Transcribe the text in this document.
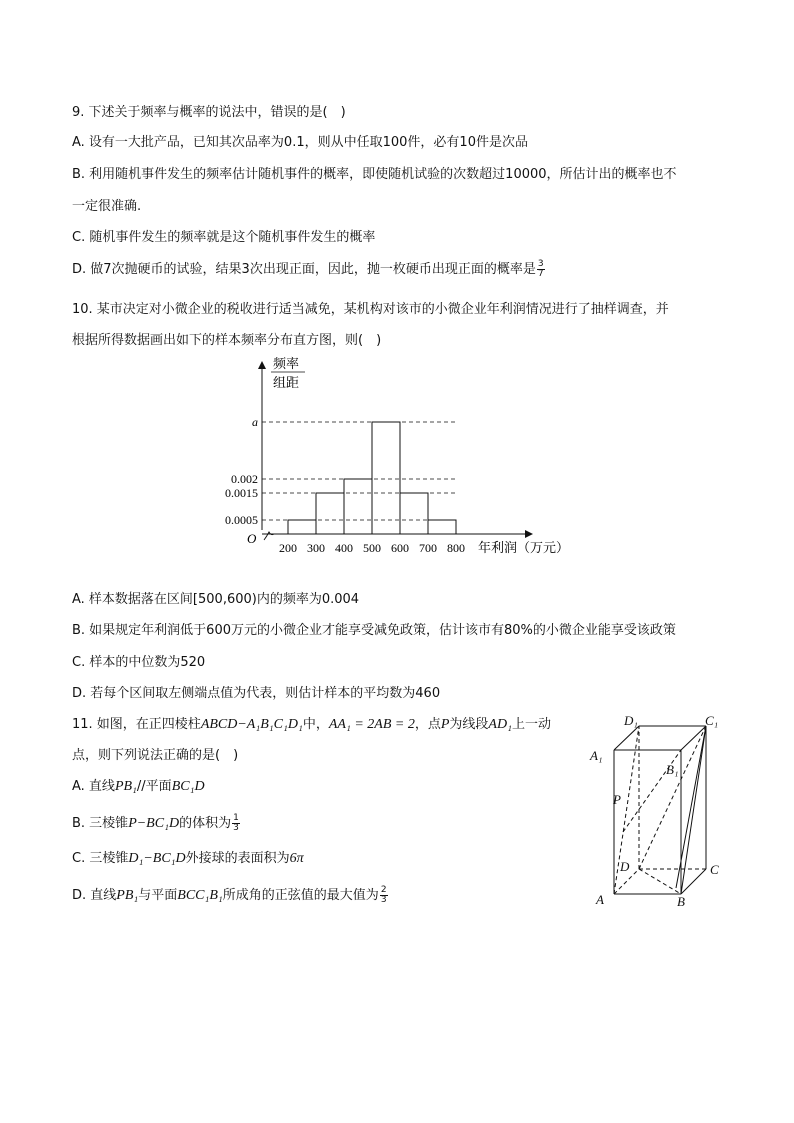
9. 下述关于频率与概率的说法中，错误的是(　)
A. 设有一大批产品，已知其次品率为0.1，则从中任取100件，必有10件是次品
B. 利用随机事件发生的频率估计随机事件的概率，即使随机试验的次数超过10000，所估计出的概率也不
一定很准确.
C. 随机事件发生的频率就是这个随机事件发生的概率
D. 做7次抛硬币的试验，结果3次出现正面，因此，抛一枚硬币出现正面的概率是 $\frac{3}{7}$
10. 某市决定对小微企业的税收进行适当减免，某机构对该市的小微企业年利润情况进行了抽样调查，并
根据所得数据画出如下的样本频率分布直方图，则(　)
频率
组距
O
0.0005
0.0015
0.002
a
200 300 400 500 600 700 800 年利润（万元）
A. 样本数据落在区间[500,600)内的频率为0.004
B. 如果规定年利润低于600万元的小微企业才能享受减免政策，估计该市有80%的小微企业能享受该政策
C. 样本的中位数为520
D. 若每个区间取左侧端点值为代表，则估计样本的平均数为460
11. 如图，在正四棱柱ABCD−A₁B₁C₁D₁中，AA₁ = 2AB = 2，点P为线段AD₁上一动
点，则下列说法正确的是(　)
A. 直线PB₁//平面BC₁D
B. 三棱锥P−BC₁D的体积为 $\frac{1}{3}$
C. 三棱锥D₁−BC₁D外接球的表面积为6π
D. 直线PB₁与平面BCC₁B₁所成角的正弦值的最大值为 $\frac{2}{3}$
D₁	C₁
A₁
B₁
P
D	C
A	B
